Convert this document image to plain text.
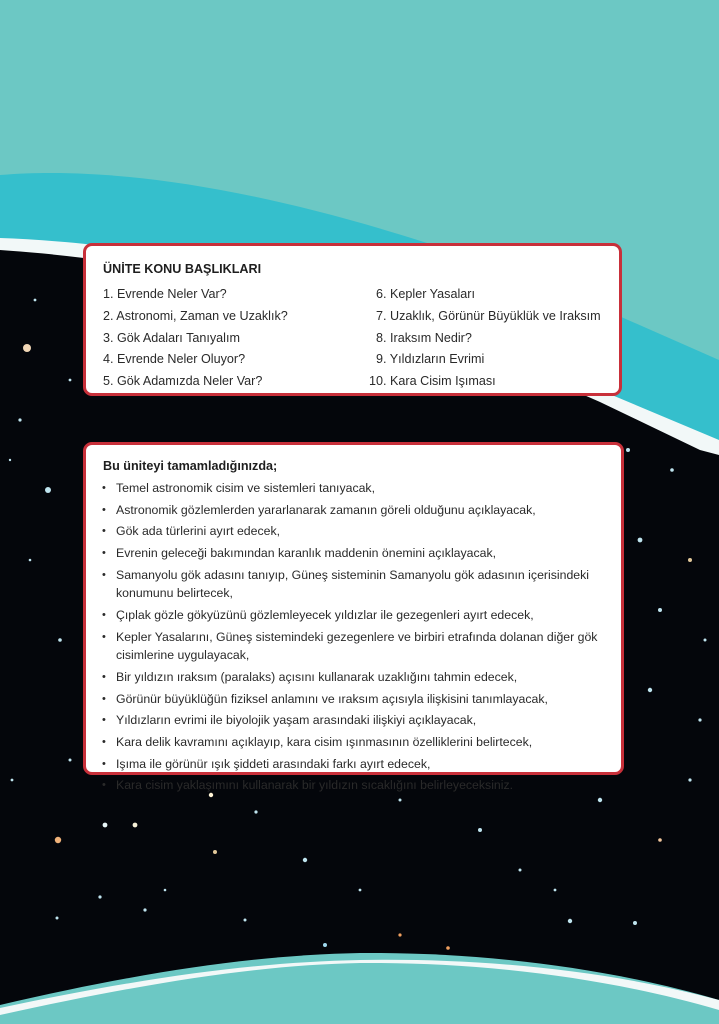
ÜNİTE KONU BAŞLIKLARI
1. Evrende Neler Var?
2. Astronomi, Zaman ve Uzaklık?
3. Gök Adaları Tanıyalım
4. Evrende Neler Oluyor?
5. Gök Adamızda Neler Var?
6. Kepler Yasaları
7. Uzaklık, Görünür Büyüklük ve Iraksım
8. Iraksım Nedir?
9. Yıldızların Evrimi
10. Kara Cisim Işıması
Bu üniteyi tamamladığınızda;
• Temel astronomik cisim ve sistemleri tanıyacak,
• Astronomik gözlemlerden yararlanarak zamanın göreli olduğunu açıklayacak,
• Gök ada türlerini ayırt edecek,
• Evrenin geleceği bakımından karanlık maddenin önemini açıklayacak,
• Samanyolu gök adasını tanıyıp, Güneş sisteminin Samanyolu gök adasının içerisindeki konumunu belirtecek,
• Çıplak gözle gökyüzünü gözlemleyecek yıldızlar ile gezegenleri ayırt edecek,
• Kepler Yasalarını, Güneş sistemindeki gezegenlere ve birbiri etrafında dolanan diğer gök cisimlerine uygulayacak,
• Bir yıldızın ıraksım (paralaks) açısını kullanarak uzaklığını tahmin edecek,
• Görünür büyüklüğün fiziksel anlamını ve ıraksım açısıyla ilişkisini tanımlayacak,
• Yıldızların evrimi ile biyolojik yaşam arasındaki ilişkiyi açıklayacak,
• Kara delik kavramını açıklayıp, kara cisim ışınmasının özelliklerini belirtecek,
• Işıma ile görünür ışık şiddeti arasındaki farkı ayırt edecek,
• Kara cisim yaklaşımını kullanarak bir yıldızın sıcaklığını belirleyeceksiniz.
